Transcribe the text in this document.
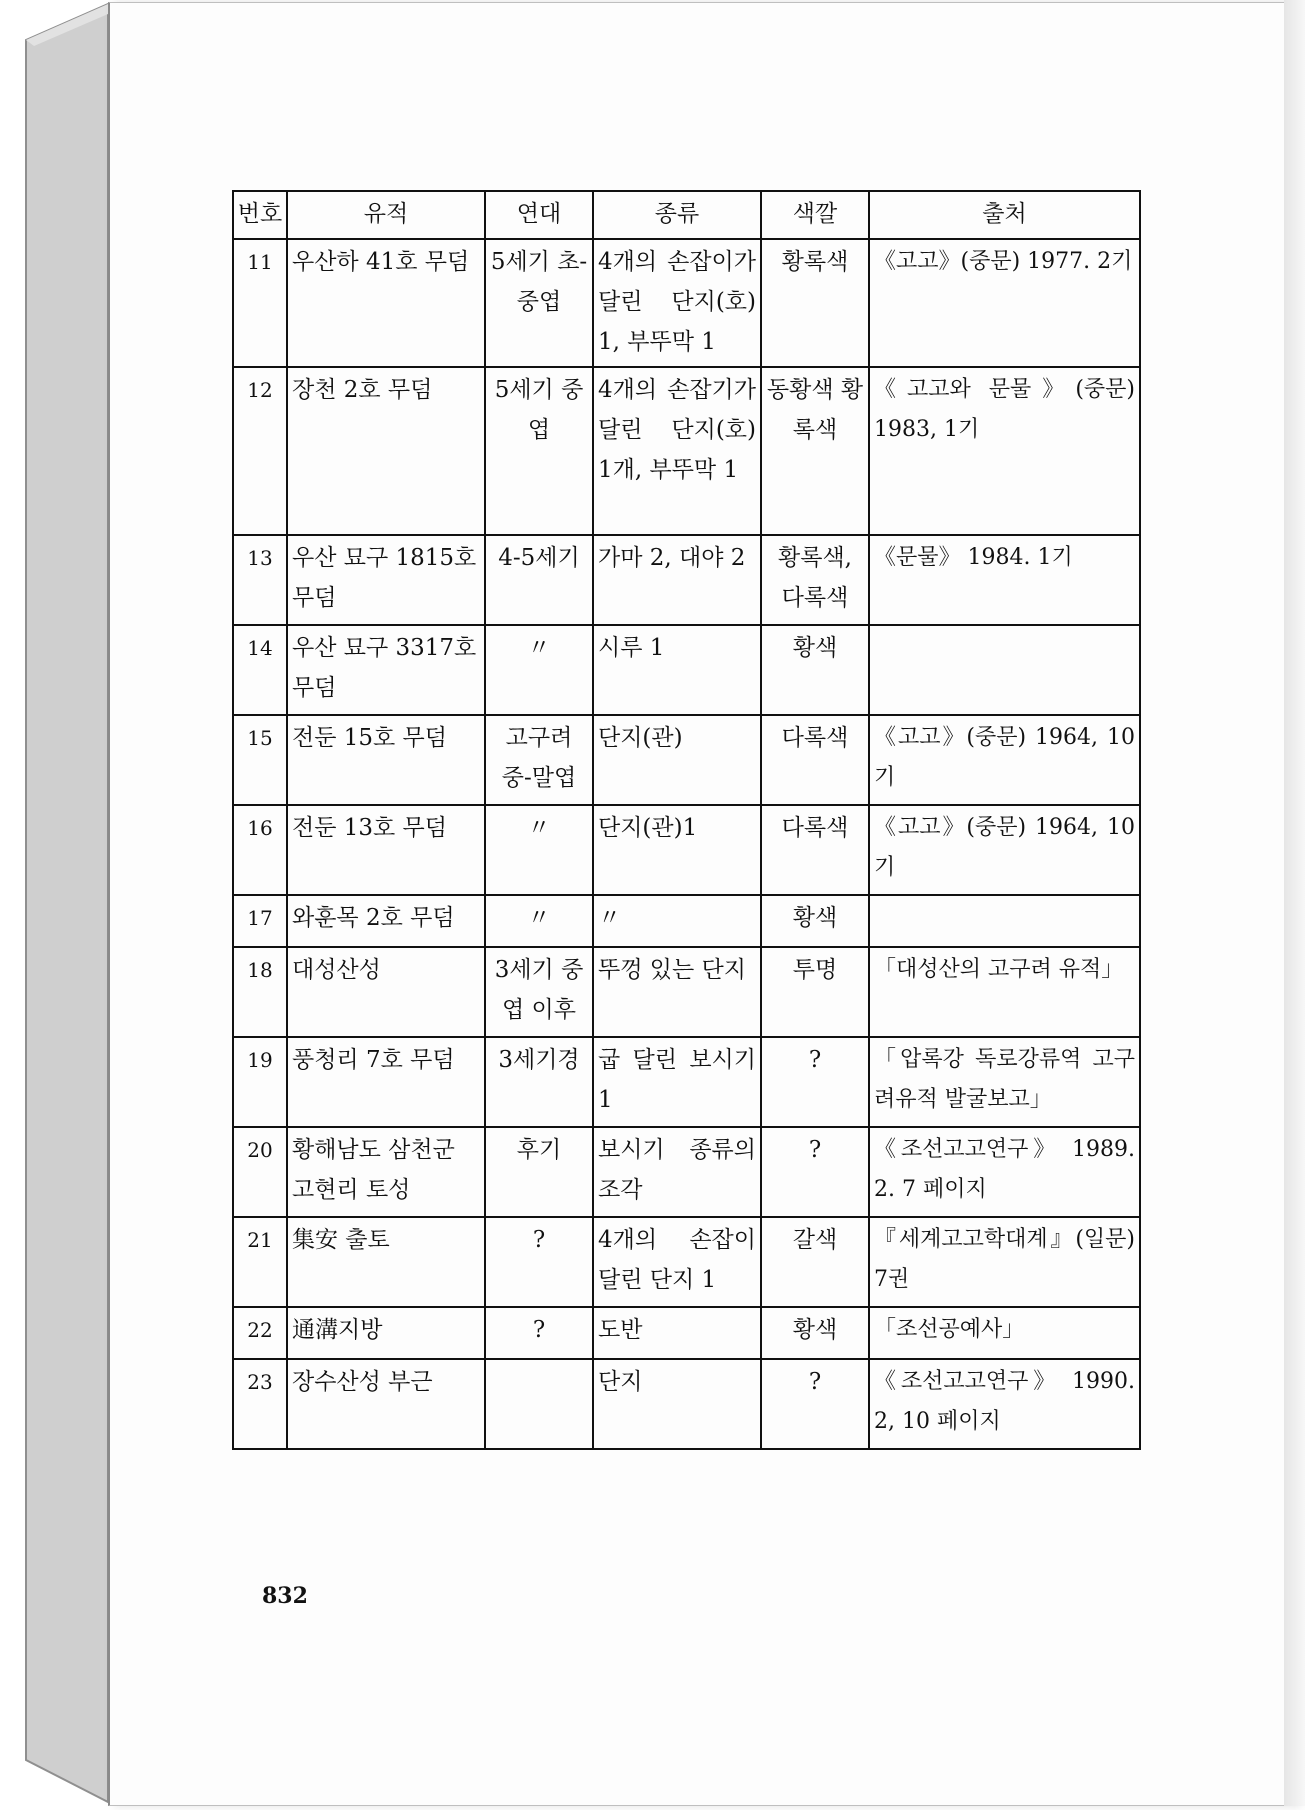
번호	유적	연대	종류	색깔	출처
11	우산하 41호 무덤	5세기 초-중엽	4개의 손잡이가 달린 단지(호) 1, 부뚜막 1	황록색	《고고》(중문) 1977. 2기
12	장천 2호 무덤	5세기 중엽	4개의 손잡기가 달린 단지(호) 1개, 부뚜막 1	동황색 황록색	《고고와 문물》(중문) 1983, 1기
13	우산 묘구 1815호 무덤	4-5세기	가마 2, 대야 2	황록색, 다록색	《문물》 1984. 1기
14	우산 묘구 3317호 무덤	〃	시루 1	황색	
15	전둔 15호 무덤	고구려 중-말엽	단지(관)	다록색	《고고》(중문) 1964, 10기
16	전둔 13호 무덤	〃	단지(관)1	다록색	《고고》(중문) 1964, 10기
17	와훈목 2호 무덤	〃	〃	황색	
18	대성산성	3세기 중엽 이후	뚜껑 있는 단지	투명	「대성산의 고구려 유적」
19	풍청리 7호 무덤	3세기경	굽 달린 보시기 1	?	「압록강 독로강류역 고구려유적 발굴보고」
20	황해남도 삼천군 고현리 토성	후기	보시기 종류의 조각	?	《조선고고연구》 1989. 2. 7 페이지
21	集安 출토	?	4개의 손잡이 달린 단지 1	갈색	『세계고고학대계』(일문) 7권
22	通溝지방	?	도반	황색	「조선공예사」
23	장수산성 부근		단지	?	《조선고고연구》 1990. 2, 10 페이지
832
